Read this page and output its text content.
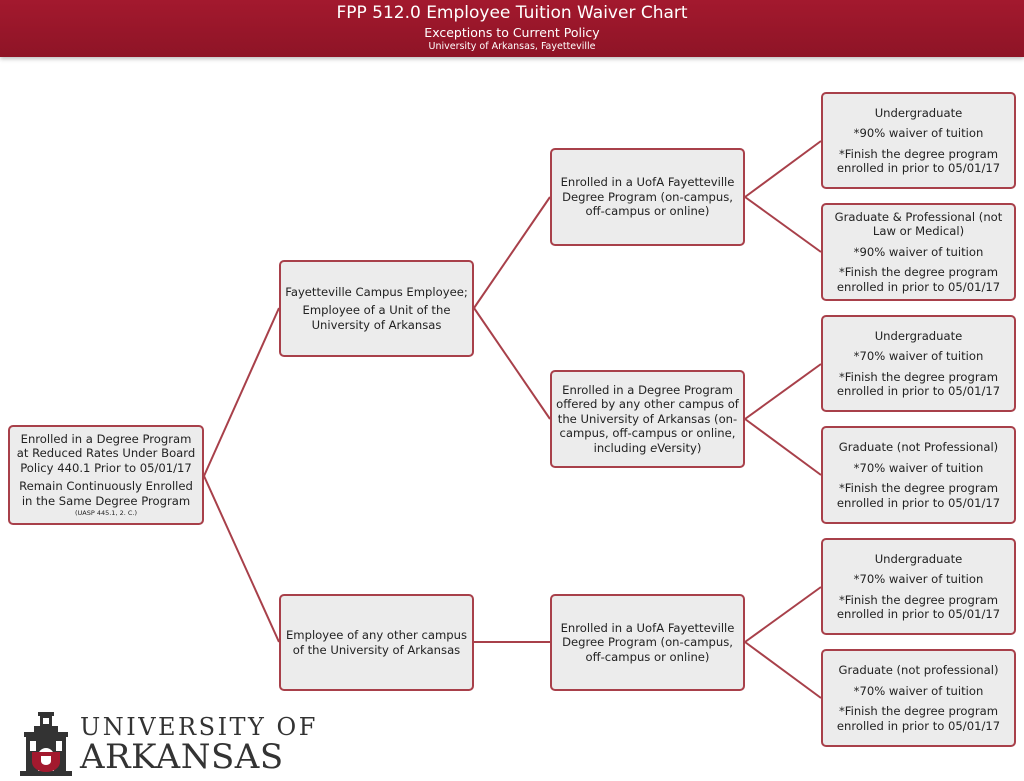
FPP 512.0 Employee Tuition Waiver Chart
Exceptions to Current Policy
University of Arkansas, Fayetteville
Enrolled in a Degree Program at Reduced Rates Under Board Policy 440.1 Prior to 05/01/17
Remain Continuously Enrolled in the Same Degree Program
(UASP 445.1, 2. C.)
Fayetteville Campus Employee;
Employee of a Unit of the University of Arkansas
Employee of any other campus of the University of Arkansas
Enrolled in a UofA Fayetteville Degree Program (on-campus, off-campus or online)
Enrolled in a Degree Program offered by any other campus of the University of Arkansas (on-campus, off-campus or online, including eVersity)
Enrolled in a UofA Fayetteville Degree Program (on-campus, off-campus or online)
Undergraduate
*90% waiver of tuition
*Finish the degree program enrolled in prior to 05/01/17
Graduate & Professional (not Law or Medical)
*90% waiver of tuition
*Finish the degree program enrolled in prior to 05/01/17
Undergraduate
*70% waiver of tuition
*Finish the degree program enrolled in prior to 05/01/17
Graduate (not Professional)
*70% waiver of tuition
*Finish the degree program enrolled in prior to 05/01/17
Undergraduate
*70% waiver of tuition
*Finish the degree program enrolled in prior to 05/01/17
Graduate (not professional)
*70% waiver of tuition
*Finish the degree program enrolled in prior to 05/01/17
UNIVERSITY OF
ARKANSAS
